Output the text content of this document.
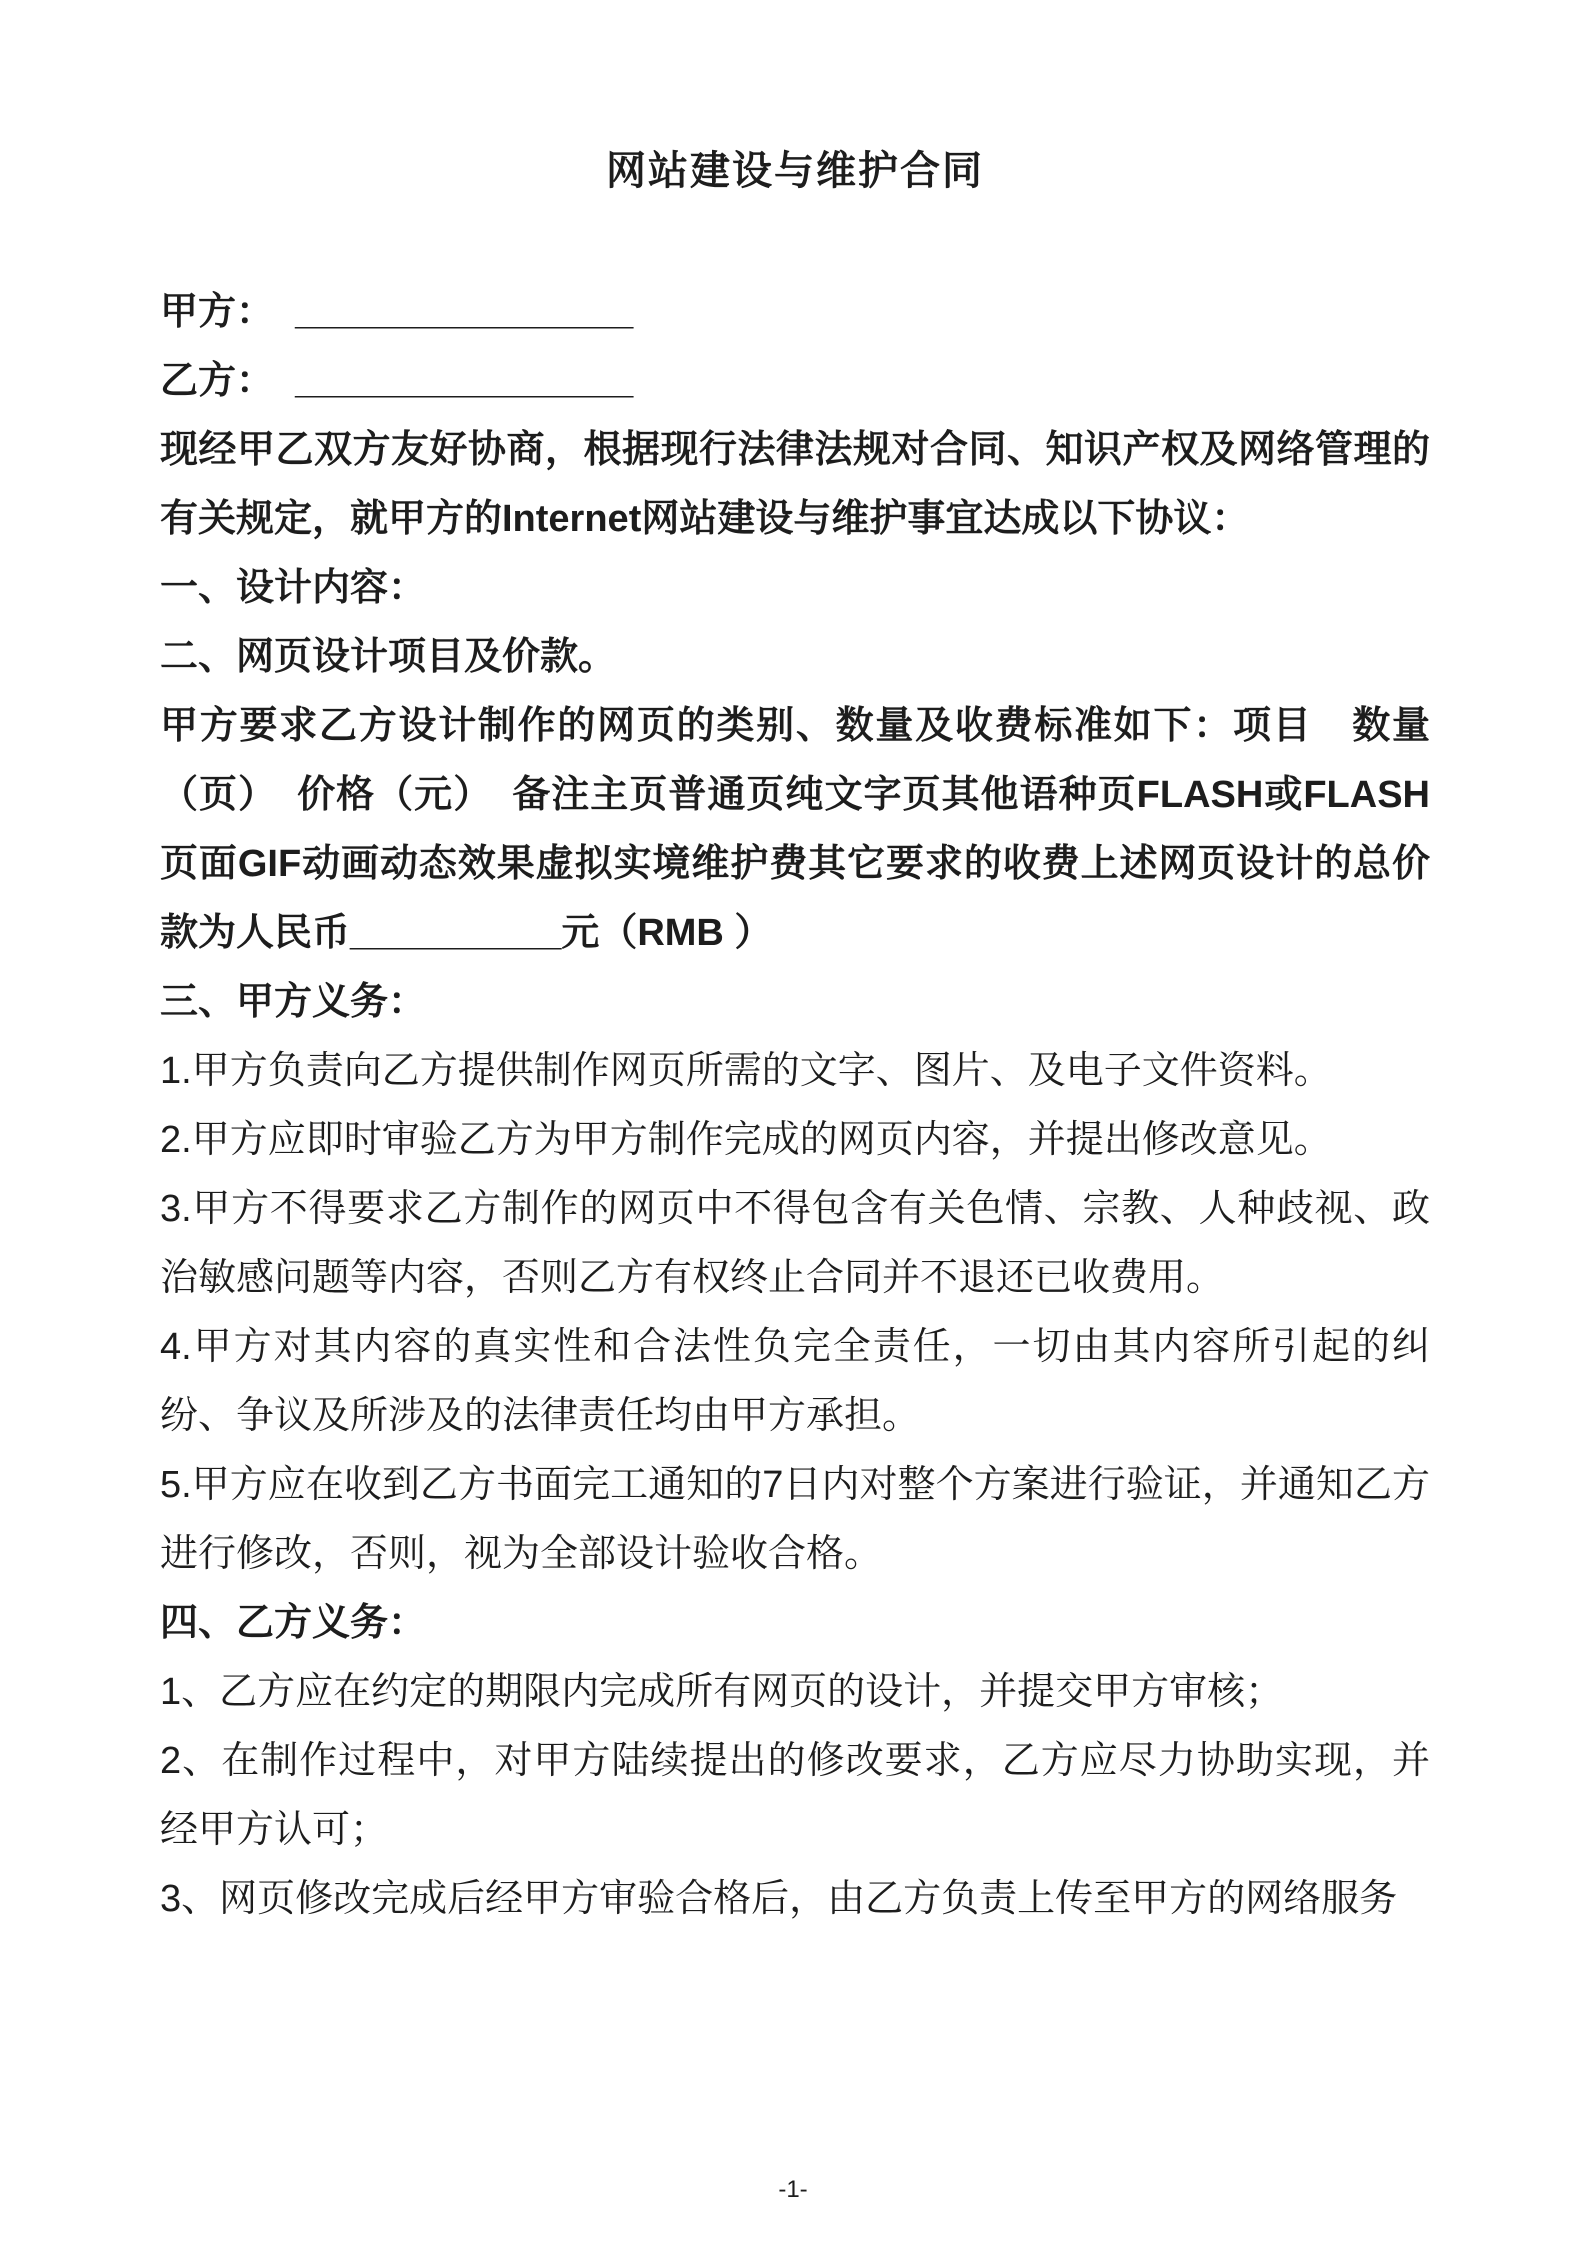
网站建设与维护合同

甲方：  ________________

乙方：  ________________

现经甲乙双方友好协商，根据现行法律法规对合同、知识产权及网络管理的有关规定，就甲方的Internet网站建设与维护事宜达成以下协议：

一、设计内容：

二、网页设计项目及价款。

甲方要求乙方设计制作的网页的类别、数量及收费标准如下：项目　数量（页）　价格（元）　备注主页普通页纯文字页其他语种页FLASH或FLASH页面GIF动画动态效果虚拟实境维护费其它要求的收费上述网页设计的总价款为人民币__________元（RMB ）

三、甲方义务：

1.甲方负责向乙方提供制作网页所需的文字、图片、及电子文件资料。

2.甲方应即时审验乙方为甲方制作完成的网页内容，并提出修改意见。

3.甲方不得要求乙方制作的网页中不得包含有关色情、宗教、人种歧视、政治敏感问题等内容，否则乙方有权终止合同并不退还已收费用。

4.甲方对其内容的真实性和合法性负完全责任，一切由其内容所引起的纠纷、争议及所涉及的法律责任均由甲方承担。

5.甲方应在收到乙方书面完工通知的7日内对整个方案进行验证，并通知乙方进行修改，否则，视为全部设计验收合格。

四、乙方义务：

1、乙方应在约定的期限内完成所有网页的设计，并提交甲方审核；

2、在制作过程中，对甲方陆续提出的修改要求，乙方应尽力协助实现，并经甲方认可；

3、网页修改完成后经甲方审验合格后，由乙方负责上传至甲方的网络服务

-1-
